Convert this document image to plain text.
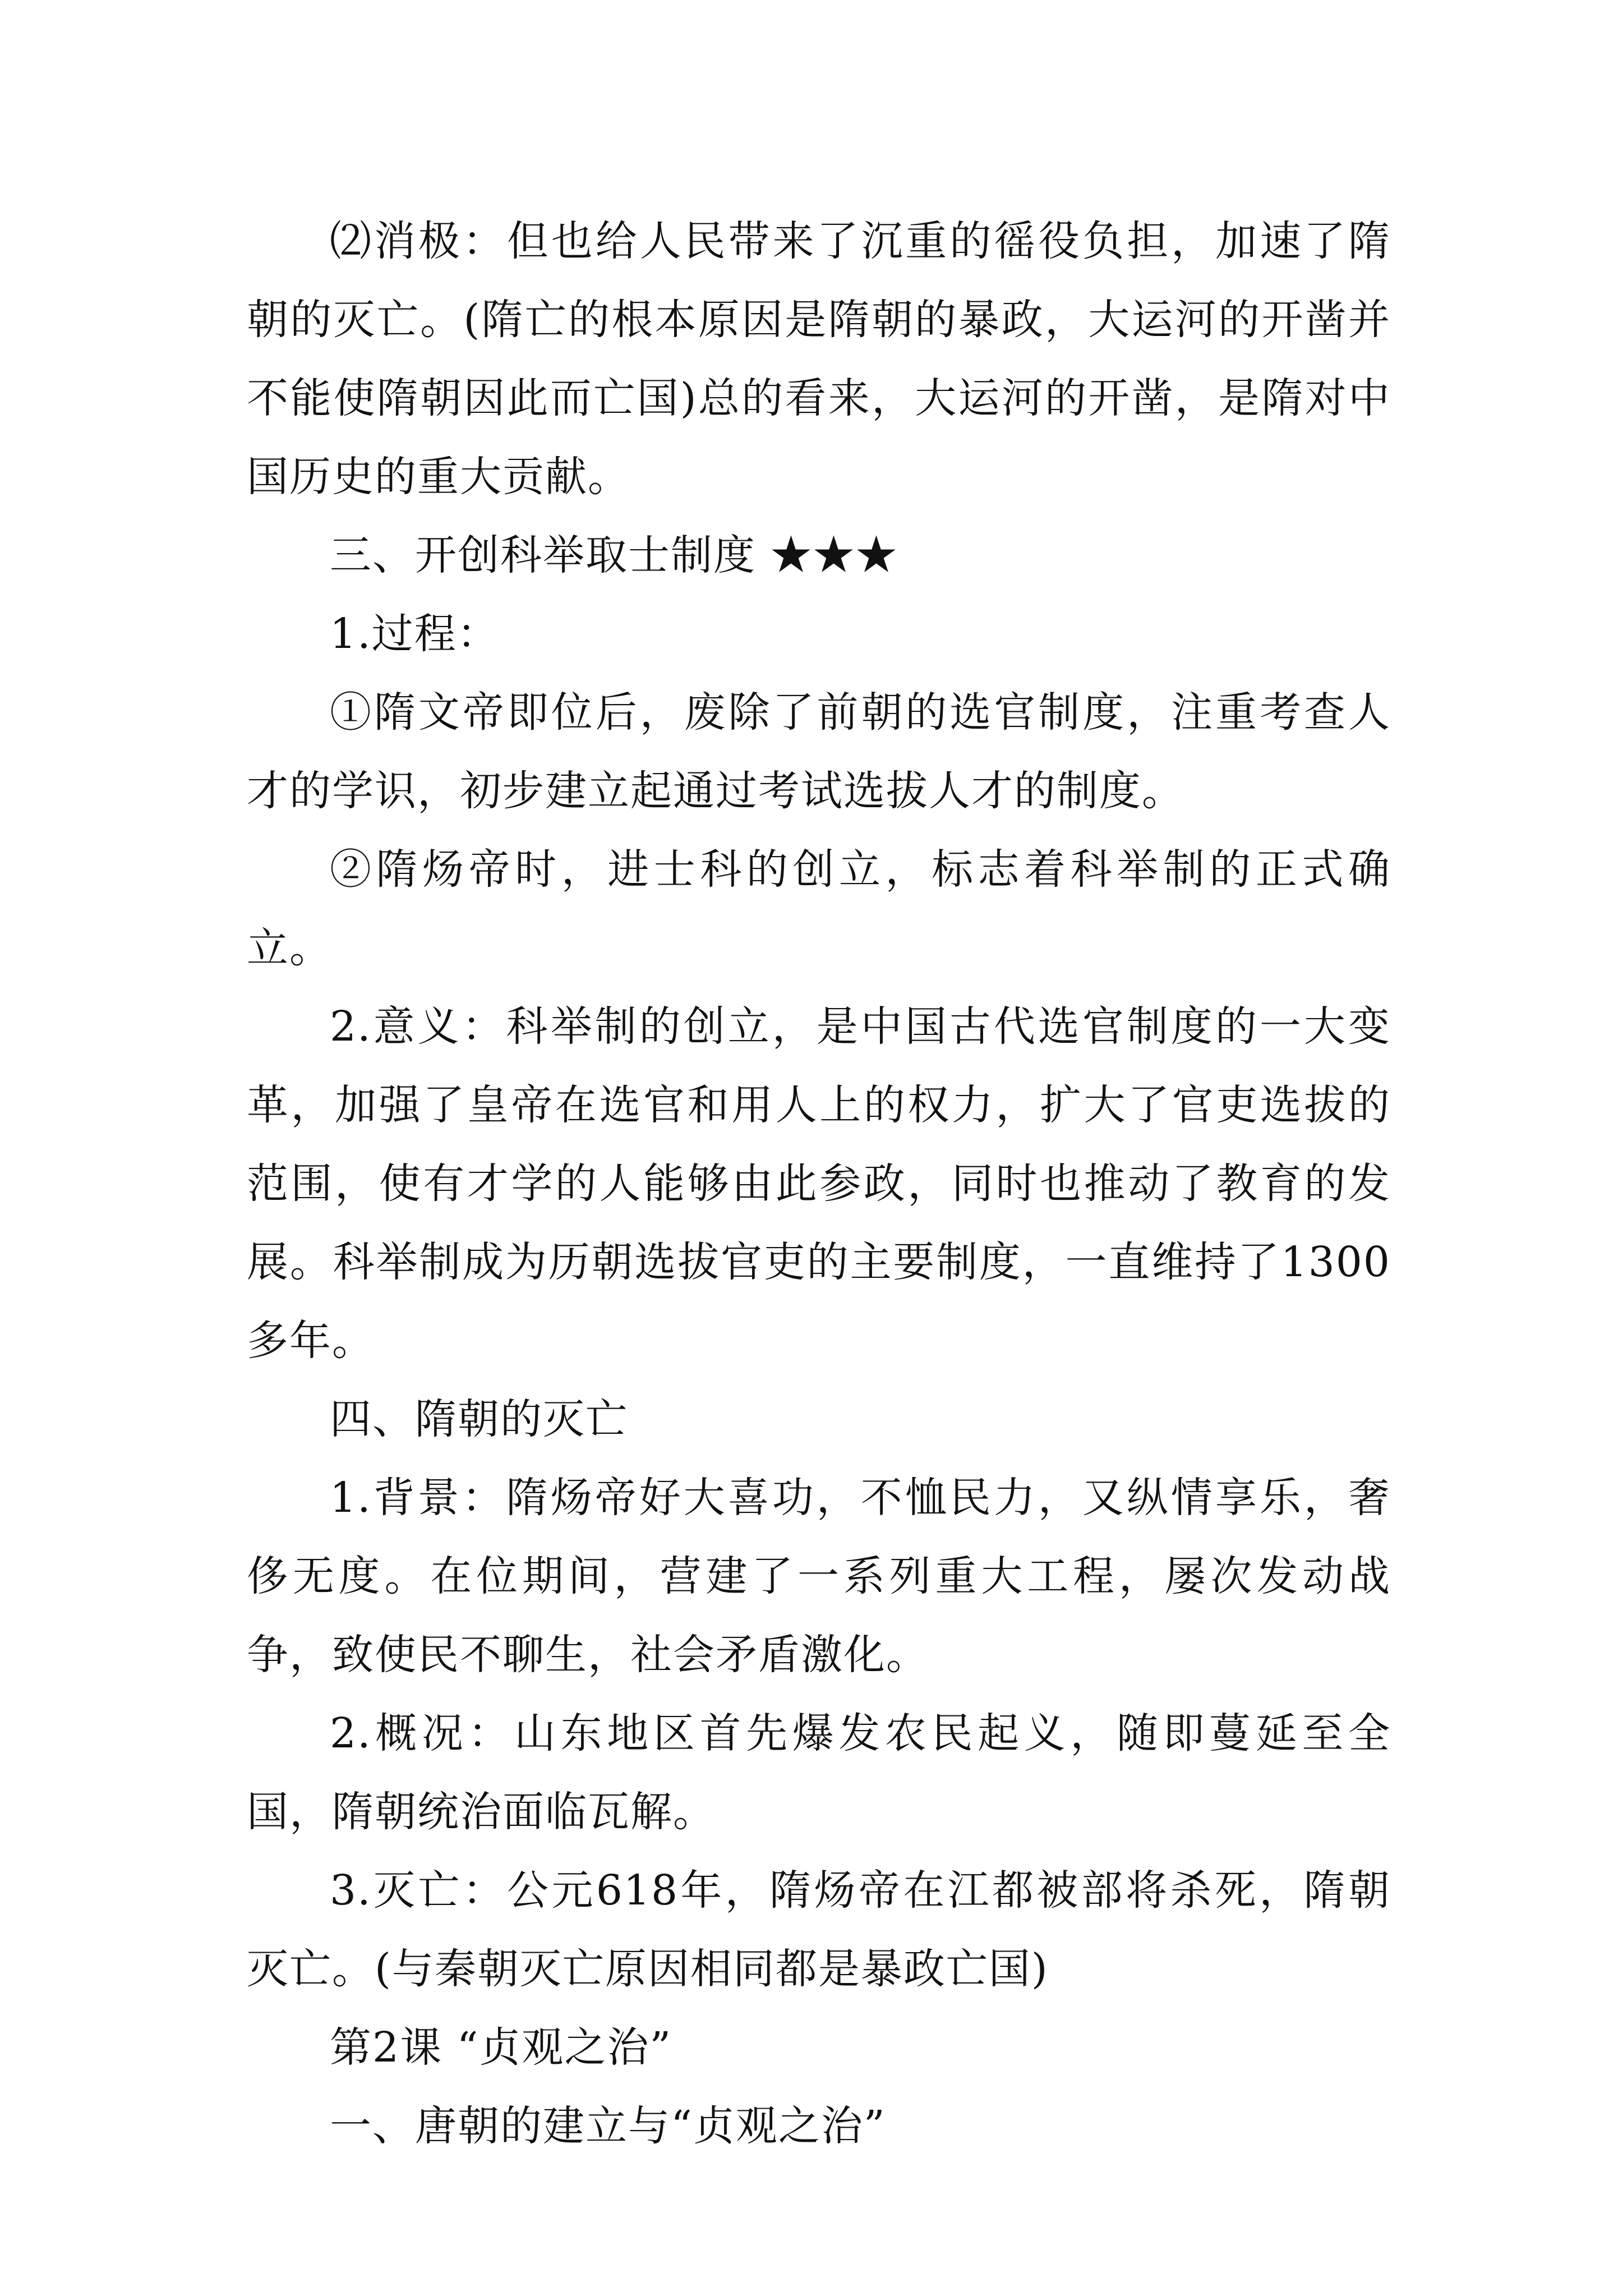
⑵消极：但也给人民带来了沉重的徭役负担，加速了隋朝的灭亡。(隋亡的根本原因是隋朝的暴政，大运河的开凿并不能使隋朝因此而亡国)总的看来，大运河的开凿，是隋对中国历史的重大贡献。

三、开创科举取士制度 ★★★

1.过程：

①隋文帝即位后，废除了前朝的选官制度，注重考查人才的学识，初步建立起通过考试选拔人才的制度。

②隋炀帝时，进士科的创立，标志着科举制的正式确立。

2.意义：科举制的创立，是中国古代选官制度的一大变革，加强了皇帝在选官和用人上的权力，扩大了官吏选拔的范围，使有才学的人能够由此参政，同时也推动了教育的发展。科举制成为历朝选拔官吏的主要制度，一直维持了1300多年。

四、隋朝的灭亡

1.背景：隋炀帝好大喜功，不恤民力，又纵情享乐，奢侈无度。在位期间，营建了一系列重大工程，屡次发动战争，致使民不聊生，社会矛盾激化。

2.概况：山东地区首先爆发农民起义，随即蔓延至全国，隋朝统治面临瓦解。

3.灭亡：公元618年，隋炀帝在江都被部将杀死，隋朝灭亡。(与秦朝灭亡原因相同都是暴政亡国)

第2课 “贞观之治”

一、唐朝的建立与“贞观之治”
